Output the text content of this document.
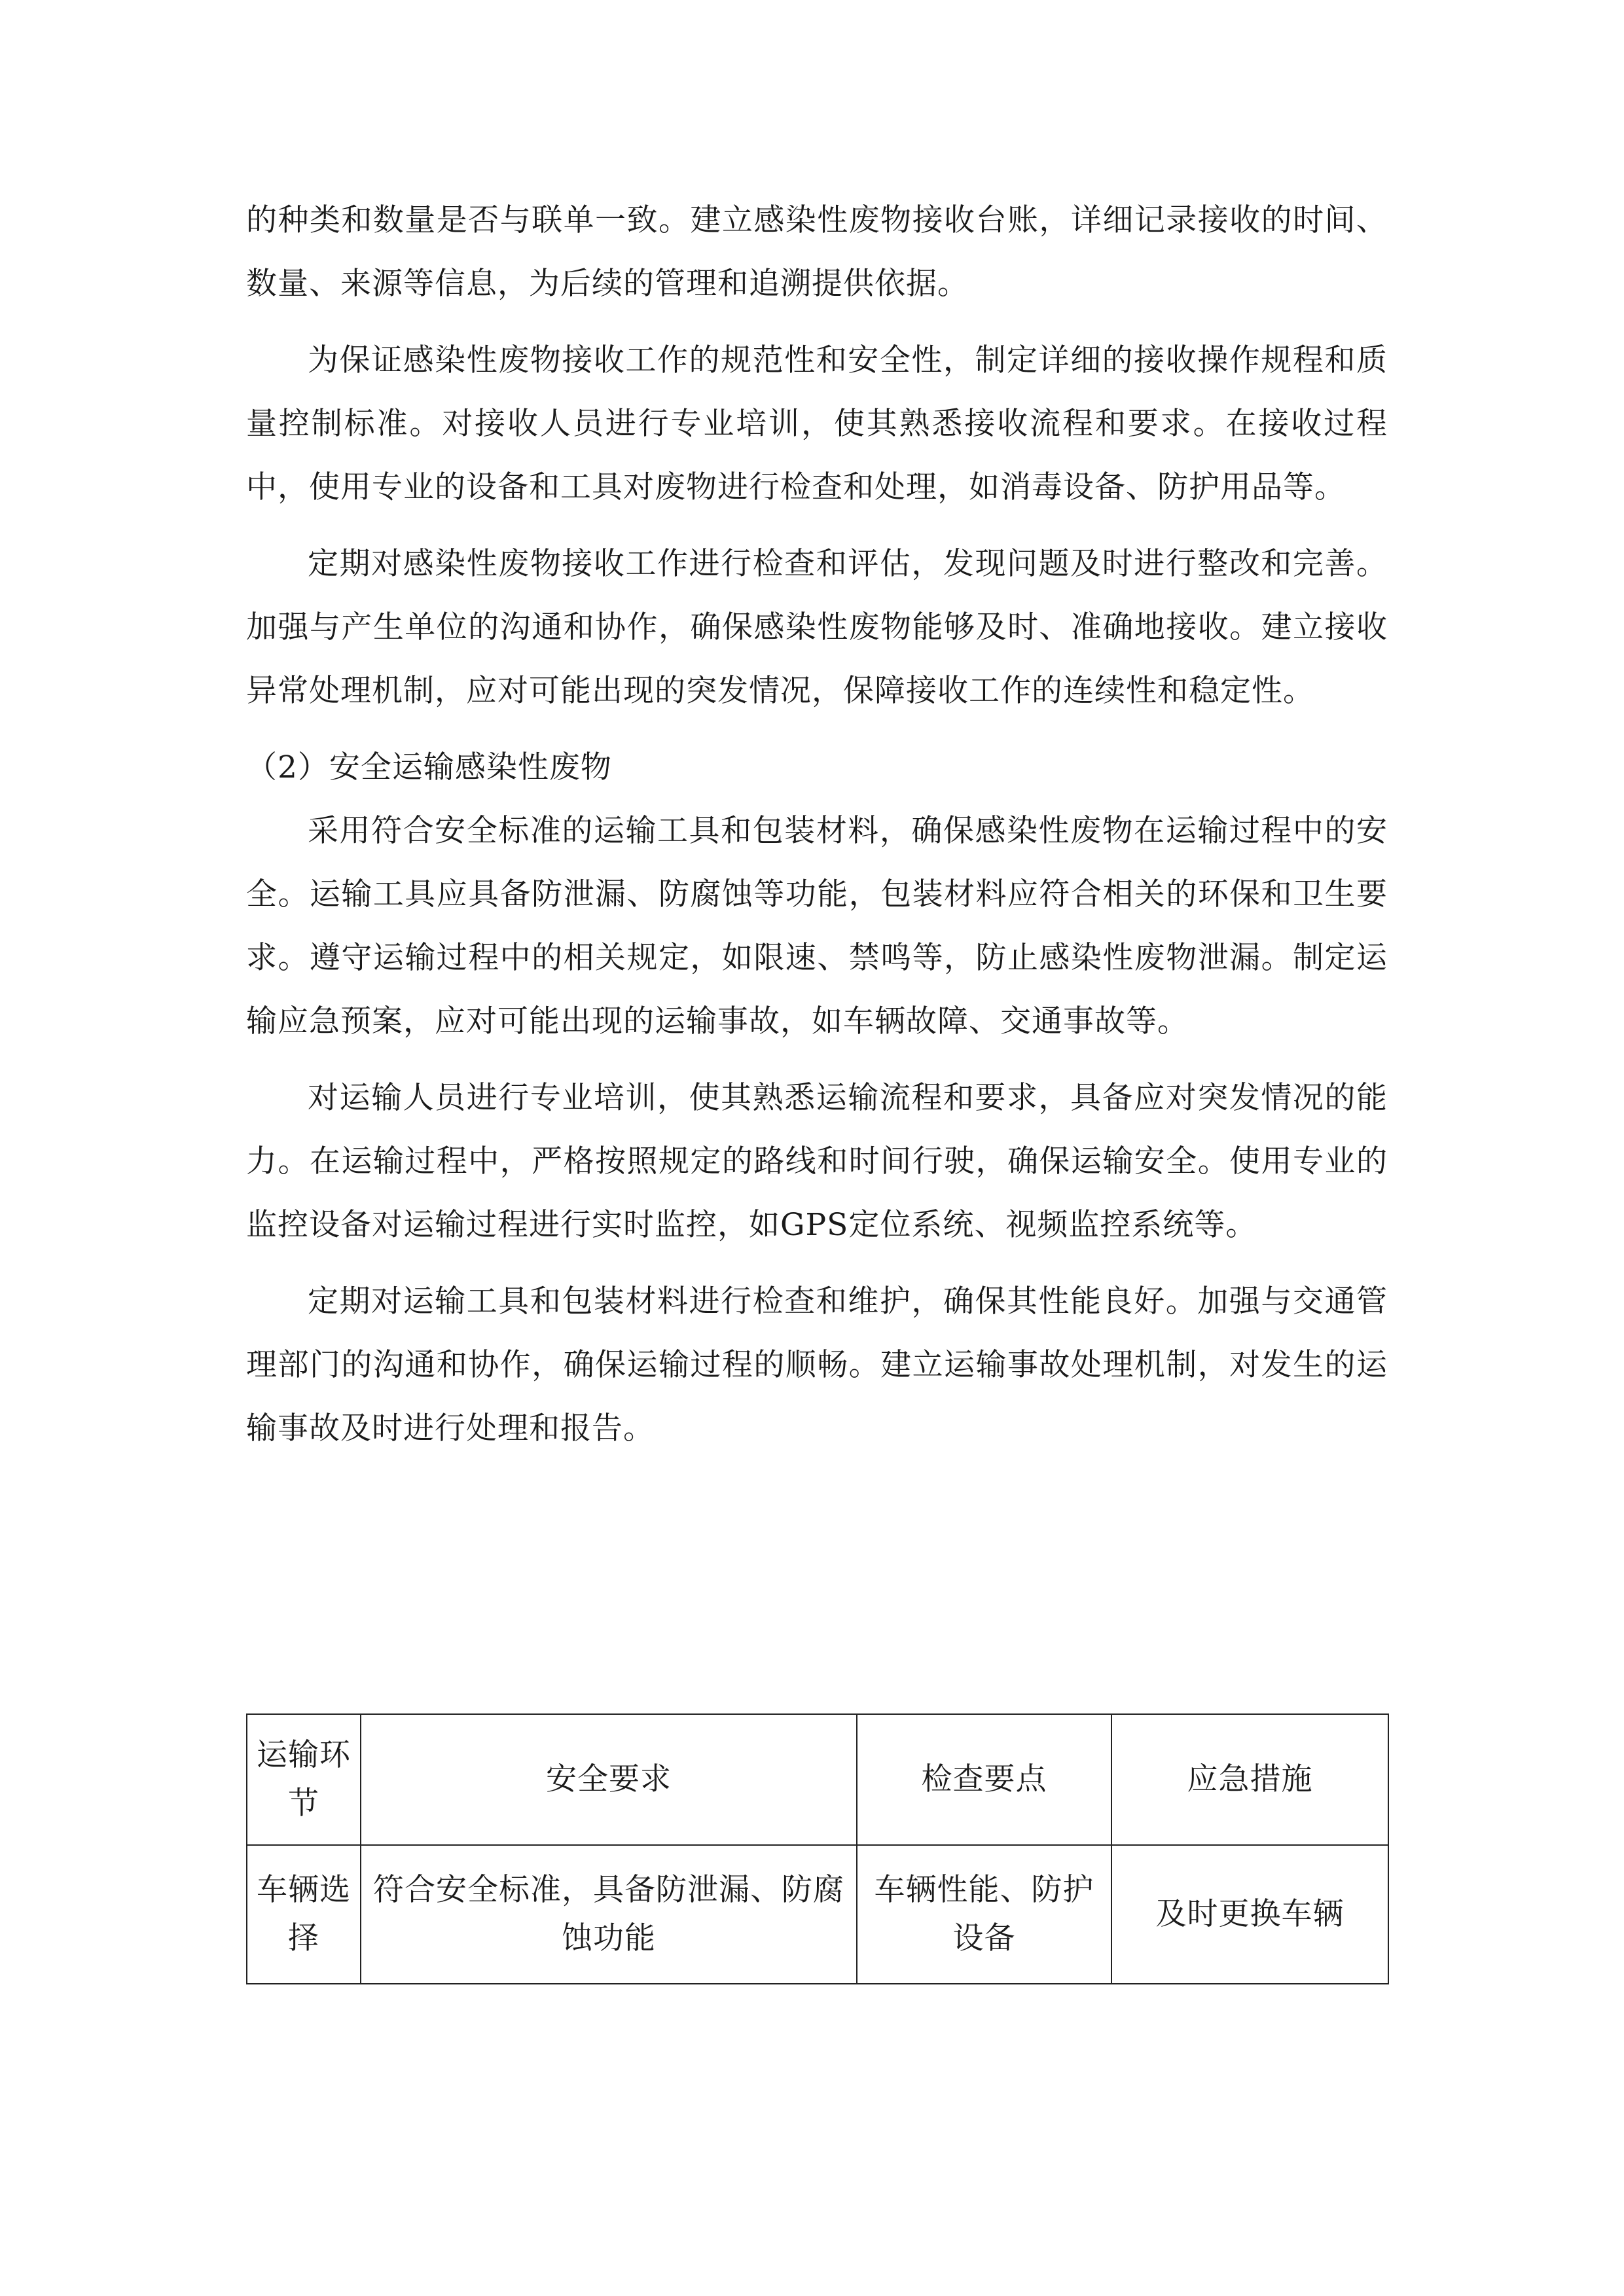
的种类和数量是否与联单一致。建立感染性废物接收台账，详细记录接收的时间、数量、来源等信息，为后续的管理和追溯提供依据。

为保证感染性废物接收工作的规范性和安全性，制定详细的接收操作规程和质量控制标准。对接收人员进行专业培训，使其熟悉接收流程和要求。在接收过程中，使用专业的设备和工具对废物进行检查和处理，如消毒设备、防护用品等。

定期对感染性废物接收工作进行检查和评估，发现问题及时进行整改和完善。加强与产生单位的沟通和协作，确保感染性废物能够及时、准确地接收。建立接收异常处理机制，应对可能出现的突发情况，保障接收工作的连续性和稳定性。

（2）安全运输感染性废物

采用符合安全标准的运输工具和包装材料，确保感染性废物在运输过程中的安全。运输工具应具备防泄漏、防腐蚀等功能，包装材料应符合相关的环保和卫生要求。遵守运输过程中的相关规定，如限速、禁鸣等，防止感染性废物泄漏。制定运输应急预案，应对可能出现的运输事故，如车辆故障、交通事故等。

对运输人员进行专业培训，使其熟悉运输流程和要求，具备应对突发情况的能力。在运输过程中，严格按照规定的路线和时间行驶，确保运输安全。使用专业的监控设备对运输过程进行实时监控，如GPS定位系统、视频监控系统等。

定期对运输工具和包装材料进行检查和维护，确保其性能良好。加强与交通管理部门的沟通和协作，确保运输过程的顺畅。建立运输事故处理机制，对发生的运输事故及时进行处理和报告。

运输环节	安全要求	检查要点	应急措施
车辆选择	符合安全标准，具备防泄漏、防腐蚀功能	车辆性能、防护设备	及时更换车辆
